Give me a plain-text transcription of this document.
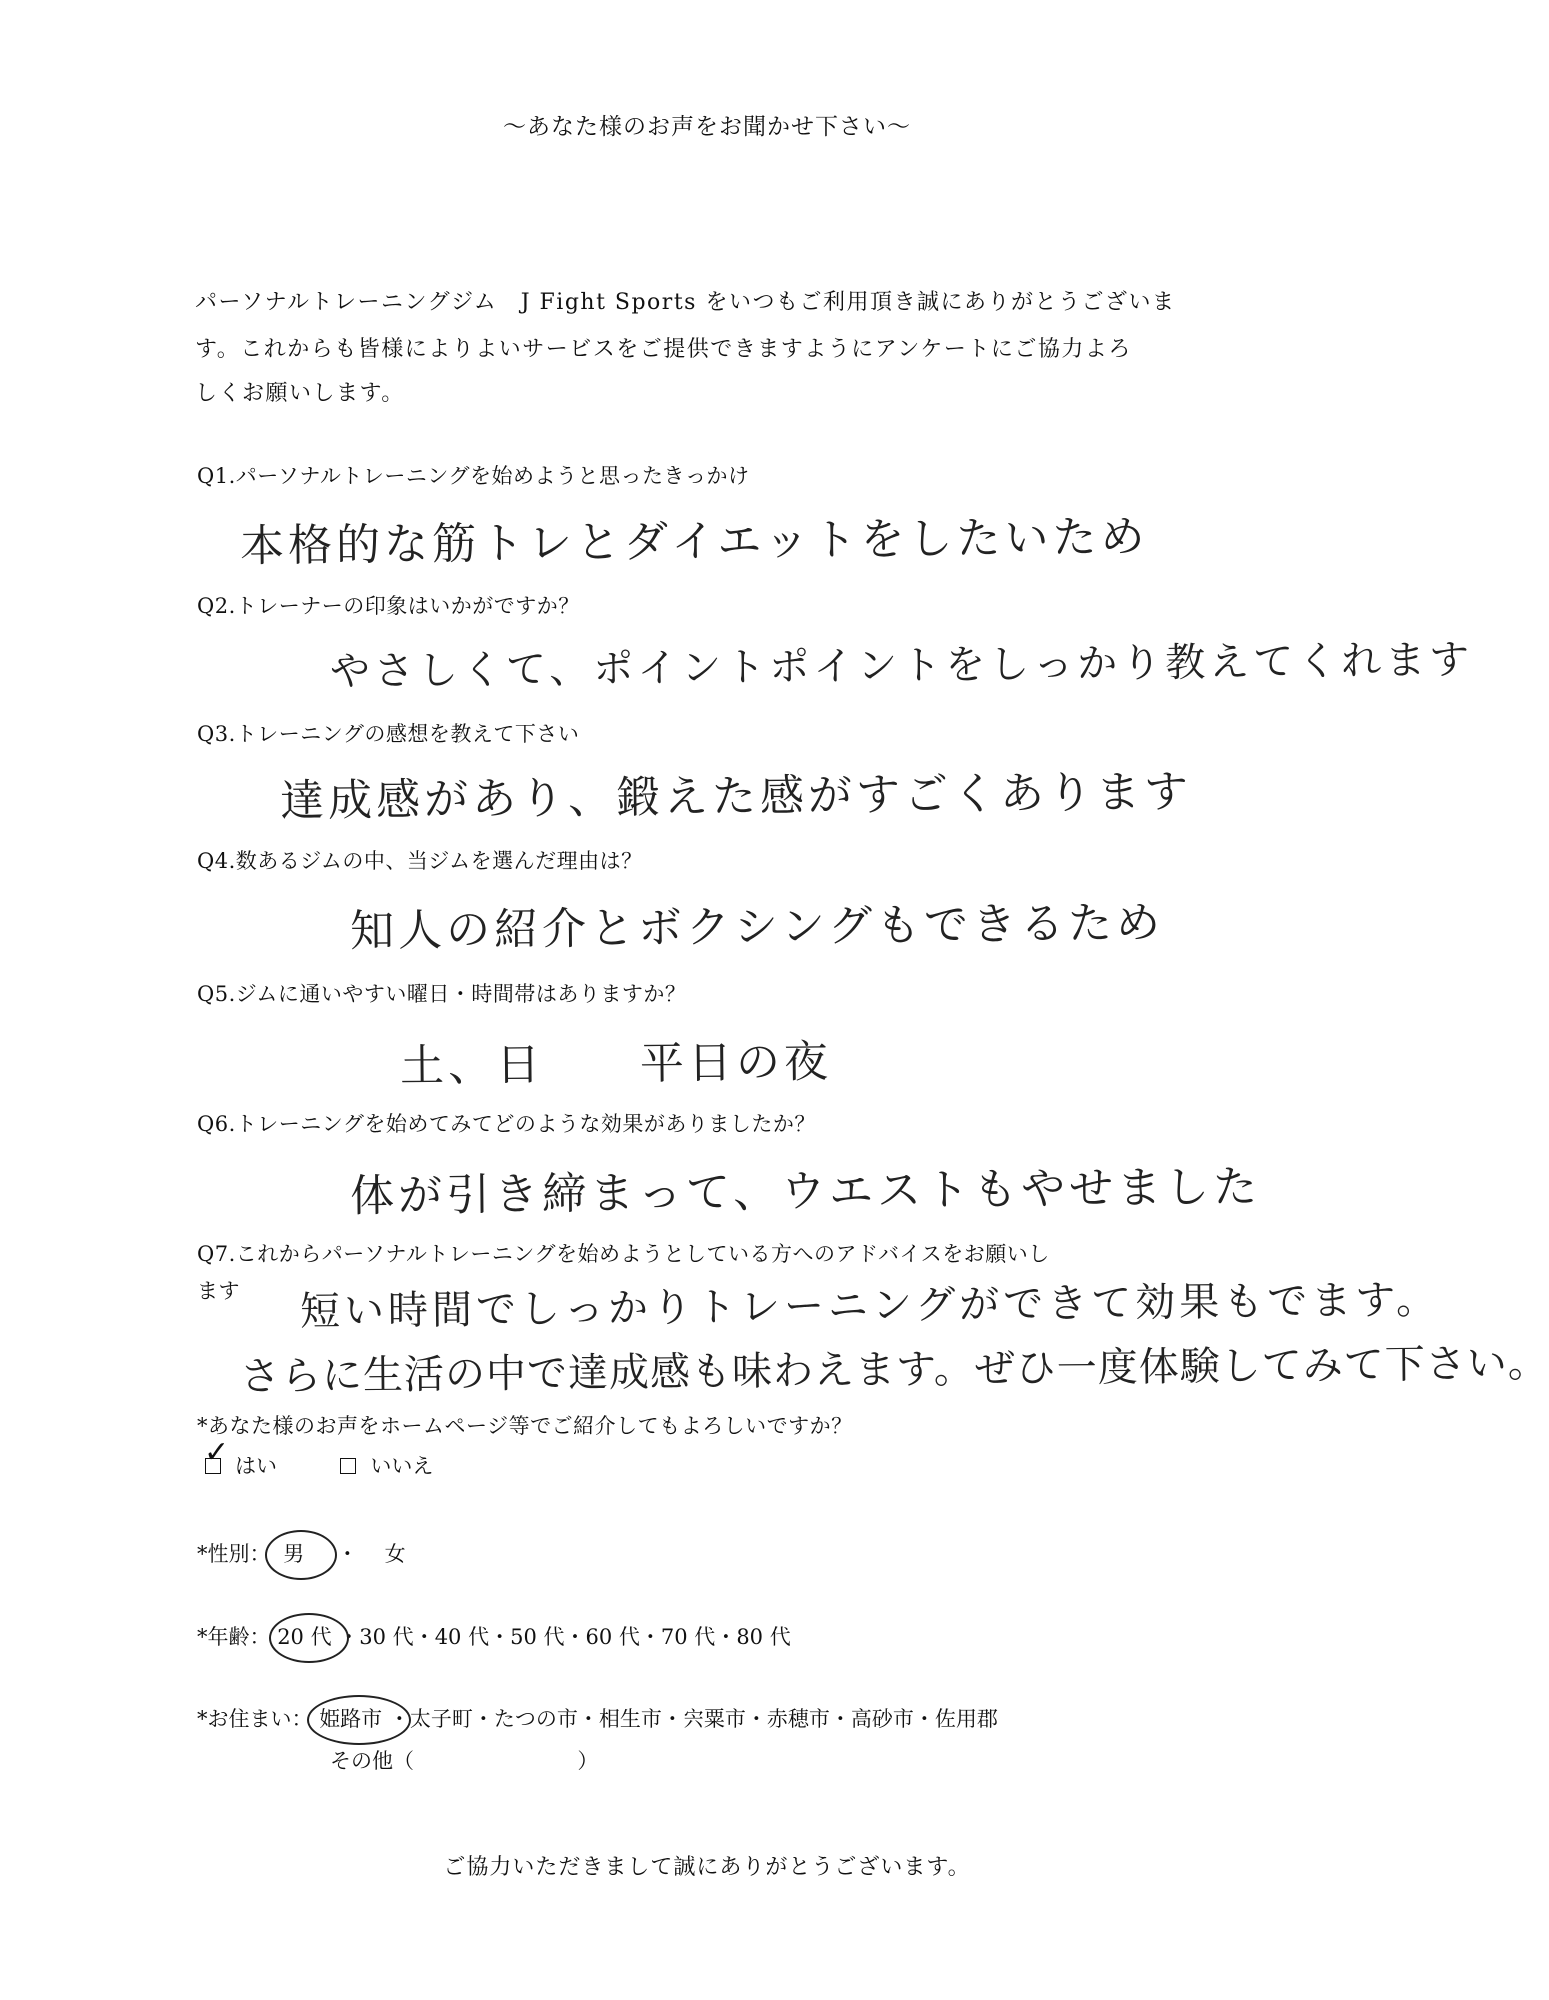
～あなた様のお声をお聞かせ下さい～
パーソナルトレーニングジム　J Fight Sports をいつもご利用頂き誠にありがとうございま
す。これからも皆様によりよいサービスをご提供できますようにアンケートにご協力よろ
しくお願いします。
Q1.パーソナルトレーニングを始めようと思ったきっかけ
本格的な筋トレとダイエットをしたいため
Q2.トレーナーの印象はいかがですか？
やさしくて、ポイントポイントをしっかり教えてくれます
Q3.トレーニングの感想を教えて下さい
達成感があり、鍛えた感がすごくあります
Q4.数あるジムの中、当ジムを選んだ理由は？
知人の紹介とボクシングもできるため
Q5.ジムに通いやすい曜日・時間帯はありますか？
土、日　　平日の夜
Q6.トレーニングを始めてみてどのような効果がありましたか？
体が引き締まって、ウエストもやせました
Q7.これからパーソナルトレーニングを始めようとしている方へのアドバイスをお願いし
ます 短い時間でしっかりトレーニングができて効果もでます。
さらに生活の中で達成感も味わえます。ぜひ一度体験してみて下さい。
*あなた様のお声をホームページ等でご紹介してもよろしいですか？
✓ はい	いいえ
*性別： 男 ・ 女
*年齢： 20 代 ・30 代・40 代・50 代・60 代・70 代・80 代
*お住まい： 姫路市 ・太子町・たつの市・相生市・宍粟市・赤穂市・高砂市・佐用郡
その他（	）
ご協力いただきまして誠にありがとうございます。
